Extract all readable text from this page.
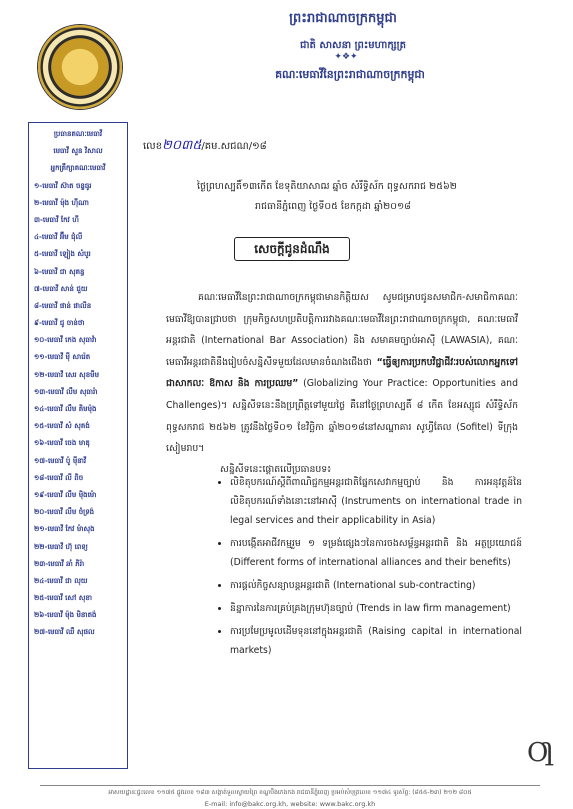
ព្រះរាជាណាចក្រកម្ពុជា
ជាតិ សាសនា ព្រះមហាក្សត្រ
✦❖✦
គណៈមេធាវីនៃព្រះរាជាណាចក្រកម្ពុជា
ប្រធានគណៈមេធាវី
មេធាវី សួន វិសាល
អ្នកគ្រឹក្សាគណៈមេធាវី
១-មេធាវី ស៊ាត ចន្ទធូរ
២-មេធាវី ម៉ុង ហ៊ីណា
៣-មេធាវី កែវ ហី
៤-មេធាវី អ៊ឹម ជុំលី
៥-មេធាវី ឡៀង សំបូរ
៦-មេធាវី ជា សុគន្ធ
៧-មេធាវី សាន់ ជួយ
៨-មេធាវី ផាន់ ផាលីន
៩-មេធាវី ជូ ចាន់ថា
១០-មេធាវី កេង សុធាវ៉ា
១១-មេធាវី ម៉ី សារ៉េត
១២-មេធាវី សេរ សុខមីម
១៣-មេធាវី លឹម សុធារ៉ា
១៤-មេធាវី លឹម គិមម៉ុង
១៥-មេធាវី សំ សុគង់
១៦-មេធាវី ចេង មាឌុ
១៧-មេធាវី ប៉ូ ម៉ីនាវី
១៨-មេធាវី លី ពិច
១៩-មេធាវី លឹម ម៉ិងម៉ោ
២០-មេធាវី លឹម ចំទ្រង់
២១-មេធាវី កែវ ម៉ាសុង
២២-មេធាវី ហ៊ុ ពេទ្យ
២៣-មេធាវី ឆាំ ភិរ៉ា
២៤-មេធាវី ជា លុយ
២៥-មេធាវី សៅ សុខា
២៦-មេធាវី ម៉ុង មិនាតង់
២៧-មេធាវី ឈឺ សុផល
លេខ២០៣៥/គម.សជណ/១៨
ថ្ងៃព្រហស្បតិ៍១៣កើត ខែទុតិយាសាឍ ឆ្នាំច សំរឹទ្ធិស័ក ពុទ្ធសករាជ ២៥៦២
រាជធានីភ្នំពេញ ថ្ងៃទី០៥ ខែកក្កដា ឆ្នាំ២០១៨
សេចក្តីជូនដំណឹង

គណៈមេធាវីនៃព្រះរាជាណាចក្រកម្ពុជាមានកិត្តិយស សូមជម្រាបជូនសមាជិក-សមាជិកាគណៈមេធាវីឱ្យបានជ្រាបថា ក្រុមកិច្ចសហប្រតិបត្តិការរវាងគណៈមេធាវីនៃព្រះរាជាណាចក្រកម្ពុជា, គណៈមេធាវីអន្តរជាតិ (International Bar Association) និង សមាគមច្បាប់អាស៊ី (LAWASIA), គណៈមេធាវីអន្តរជាតិនឹងរៀបចំសន្និសីទមួយដែលមានចំណងជើងថា “ធ្វើឲ្យការប្រកបវិជ្ជាជីវៈរបស់លោកអ្នកទៅជាសាកលៈ ឱកាស និង ការប្រឈម” (Globalizing Your Practice: Opportunities and Challenges)។ សន្និសីទនេះនឹងប្រព្រឹត្តទៅមួយថ្ងៃ គឺនៅថ្ងៃព្រហស្បតិ៍ ៨ កើត ខែអស្សុជ សំរឹទ្ធិស័ក ពុទ្ធសករាជ ២៥៦២ ត្រូវនឹងថ្ងៃទី០១ ខែវិច្ឆិកា ឆ្នាំ២០១៨នៅសណ្ឋាគារ សូហ្វីតែល (Sofitel) ទីក្រុងសៀមរាប។

សន្និសីទនេះផ្តោតលើប្រធានបទ៖
• លិខិតុបករណ៍ស្តីពីពាណិជ្ជកម្មអន្តរជាតិផ្នែកសេវាកម្មច្បាប់ និង ការអនុវត្តន៍នៃលិខិតុបករណ៍ទាំងនោះនៅអាស៊ី (Instruments on international trade in legal services and their applicability in Asia)
• ការបង្កើតអាជីវកម្មរួម ១ ទម្រង់ផ្សេងៗនៃការចងសម្ព័ន្ធអន្តរជាតិ និង អត្ថប្រយោជន៍ (Different forms of international alliances and their benefits)
• ការផ្តល់កិច្ចសន្យាបន្តអន្តរជាតិ (International sub-contracting)
• និន្នាការនៃការគ្រប់គ្រងក្រុមហ៊ុនច្បាប់ (Trends in law firm management)
• ការប្រមែប្រមូលដើមទុននៅក្នុងអន្តរជាតិ (Raising capital in international markets)
Ƣ
អាសយដ្ឋានៈផ្ទះលេខ ១១៧៥ ផ្លូវលេខ ១៨៣ សង្កាត់ទួលស្វាយព្រៃ ខណ្ឌបឹងកេងកង រាជធានីភ្នំពេញ ប្រអប់សំបុត្រលេខ ១១៧៤ ទូរស័ព្ទ: (៨៥៥-២៣) ២១២ ៨០៥
E-mail: info@bakc.org.kh, website: www.bakc.org.kh
